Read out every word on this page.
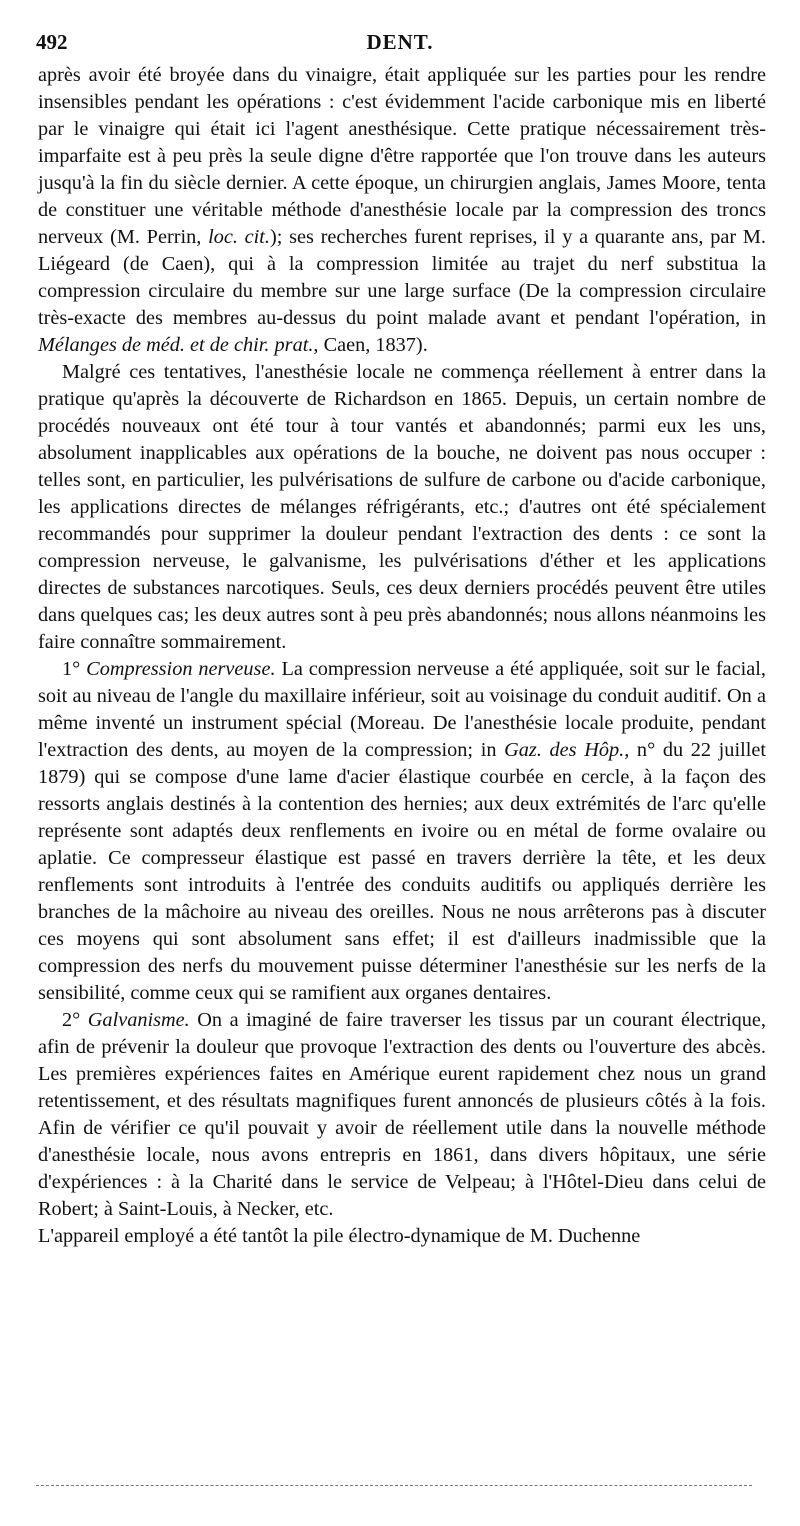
492	DENT.

après avoir été broyée dans du vinaigre, était appliquée sur les parties pour les rendre insensibles pendant les opérations : c'est évidemment l'acide carbonique mis en liberté par le vinaigre qui était ici l'agent anesthésique. Cette pratique nécessairement très-imparfaite est à peu près la seule digne d'être rapportée que l'on trouve dans les auteurs jusqu'à la fin du siècle dernier. A cette époque, un chirurgien anglais, James Moore, tenta de constituer une véritable méthode d'anesthésie locale par la compression des troncs nerveux (M. Perrin, loc. cit.); ses recherches furent reprises, il y a quarante ans, par M. Liégeard (de Caen), qui à la compression limitée au trajet du nerf substitua la compression circulaire du membre sur une large surface (De la compression circulaire très-exacte des membres au-dessus du point malade avant et pendant l'opération, in Mélanges de méd. et de chir. prat., Caen, 1837).

Malgré ces tentatives, l'anesthésie locale ne commença réellement à entrer dans la pratique qu'après la découverte de Richardson en 1865. Depuis, un certain nombre de procédés nouveaux ont été tour à tour vantés et abandonnés; parmi eux les uns, absolument inapplicables aux opérations de la bouche, ne doivent pas nous occuper : telles sont, en particulier, les pulvérisations de sulfure de carbone ou d'acide carbonique, les applications directes de mélanges réfrigérants, etc.; d'autres ont été spécialement recommandés pour supprimer la douleur pendant l'extraction des dents : ce sont la compression nerveuse, le galvanisme, les pulvérisations d'éther et les applications directes de substances narcotiques. Seuls, ces deux derniers procédés peuvent être utiles dans quelques cas; les deux autres sont à peu près abandonnés; nous allons néanmoins les faire connaître sommairement.

1° Compression nerveuse. La compression nerveuse a été appliquée, soit sur le facial, soit au niveau de l'angle du maxillaire inférieur, soit au voisinage du conduit auditif. On a même inventé un instrument spécial (Moreau. De l'anesthésie locale produite, pendant l'extraction des dents, au moyen de la compression; in Gaz. des Hôp., n° du 22 juillet 1879) qui se compose d'une lame d'acier élastique courbée en cercle, à la façon des ressorts anglais destinés à la contention des hernies; aux deux extrémités de l'arc qu'elle représente sont adaptés deux renflements en ivoire ou en métal de forme ovalaire ou aplatie. Ce compresseur élastique est passé en travers derrière la tête, et les deux renflements sont introduits à l'entrée des conduits auditifs ou appliqués derrière les branches de la mâchoire au niveau des oreilles. Nous ne nous arrêterons pas à discuter ces moyens qui sont absolument sans effet; il est d'ailleurs inadmissible que la compression des nerfs du mouvement puisse déterminer l'anesthésie sur les nerfs de la sensibilité, comme ceux qui se ramifient aux organes dentaires.

2° Galvanisme. On a imaginé de faire traverser les tissus par un courant électrique, afin de prévenir la douleur que provoque l'extraction des dents ou l'ouverture des abcès. Les premières expériences faites en Amérique eurent rapidement chez nous un grand retentissement, et des résultats magnifiques furent annoncés de plusieurs côtés à la fois. Afin de vérifier ce qu'il pouvait y avoir de réellement utile dans la nouvelle méthode d'anesthésie locale, nous avons entrepris en 1861, dans divers hôpitaux, une série d'expériences : à la Charité dans le service de Velpeau; à l'Hôtel-Dieu dans celui de Robert; à Saint-Louis, à Necker, etc.

L'appareil employé a été tantôt la pile électro-dynamique de M. Duchenne
